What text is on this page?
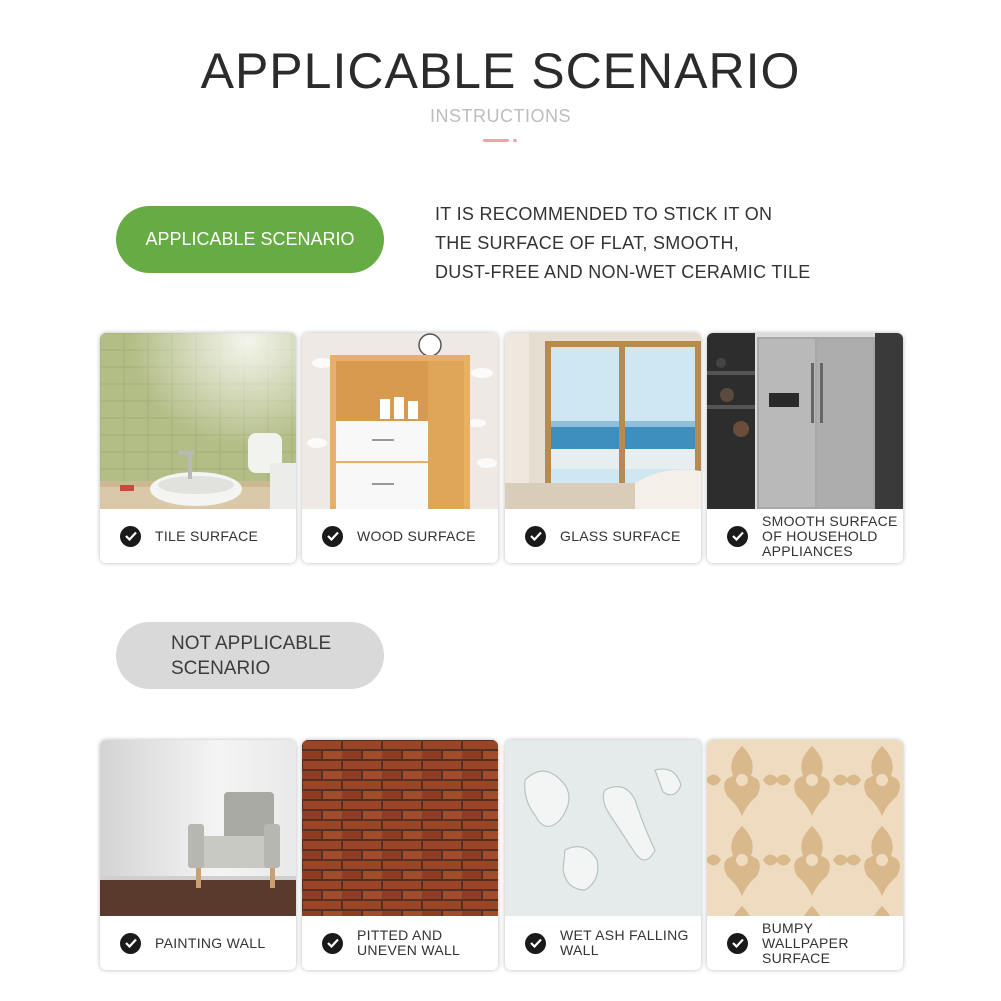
APPLICABLE SCENARIO
INSTRUCTIONS
APPLICABLE SCENARIO
IT IS RECOMMENDED TO STICK IT ON
THE SURFACE OF FLAT, SMOOTH,
DUST-FREE AND NON-WET CERAMIC TILE
TILE SURFACE	WOOD SURFACE	GLASS SURFACE
SMOOTH SURFACE
OF HOUSEHOLD
APPLIANCES
NOT APPLICABLE
SCENARIO
PAINTING WALL	PITTED AND
UNEVEN WALL
WET ASH FALLING
WALL
BUMPY
WALLPAPER
SURFACE
